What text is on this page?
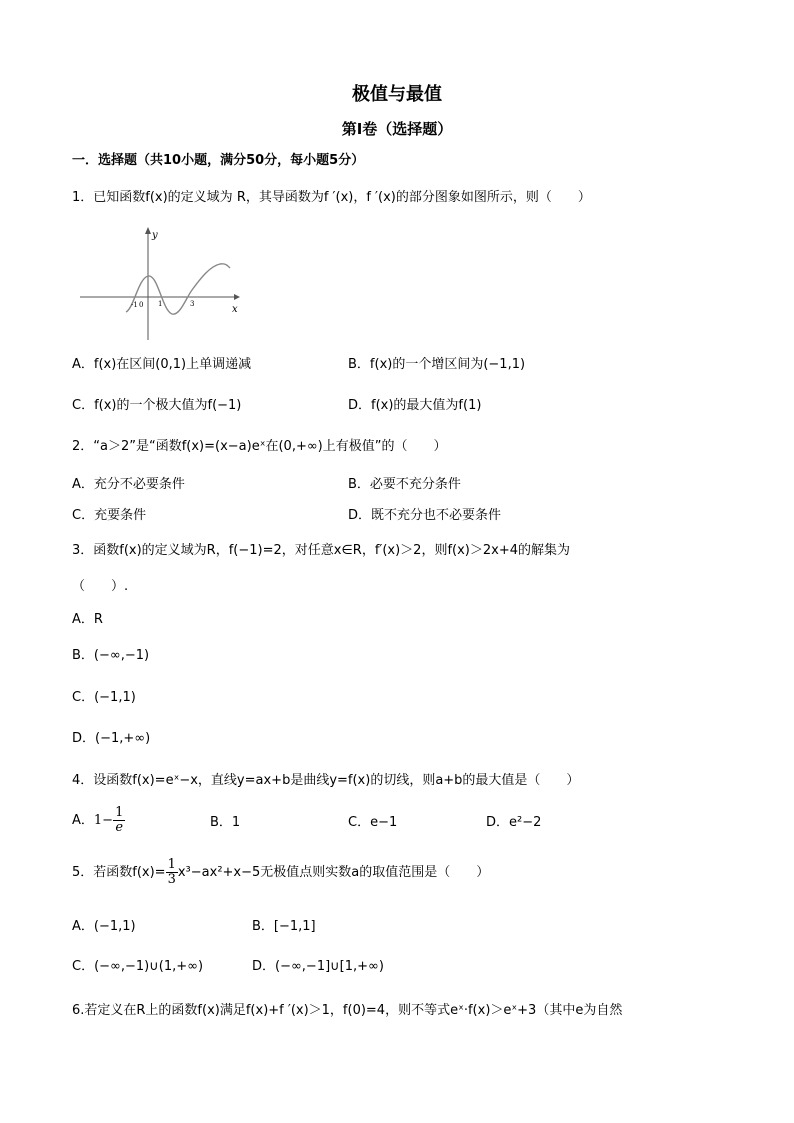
极值与最值
第Ⅰ卷（选择题）
一．选择题（共10小题，满分50分，每小题5分）
1．已知函数f(x)的定义域为 R，其导函数为f ′(x)，f ′(x)的部分图象如图所示，则（　　）
y
x
-1 0 1	3
A．f(x)在区间(0,1)上单调递减	B．f(x)的一个增区间为(−1,1)
C．f(x)的一个极大值为f(−1)	D．f(x)的最大值为f(1)
2．“a＞2”是“函数f(x)=(x−a)eˣ在(0,+∞)上有极值”的（　　）
A．充分不必要条件	B．必要不充分条件
C．充要条件	D．既不充分也不必要条件
3．函数f(x)的定义域为R，f(−1)=2，对任意x∈R，f′(x)＞2，则f(x)＞2x+4的解集为
（　　）.
A．R
B．(−∞,−1)
C．(−1,1)
D．(−1,+∞)
4．设函数f(x)=eˣ−x，直线y=ax+b是曲线y=f(x)的切线，则a+b的最大值是（　　）
A．$1- \frac{1}{e}$	B．1	C．e−1	D．e²−2
5．若函数$f(x)= \frac{1}{3} x^3-ax^2+x-5$无极值点则实数a的取值范围是（　　）
A．(−1,1)	B．[−1,1]
C．(−∞,−1)∪(1,+∞)	D．(−∞,−1]∪[1,+∞)
6.若定义在R上的函数f(x)满足f(x)+f ′(x)＞1，f(0)=4，则不等式eˣ·f(x)＞eˣ+3（其中e为自然
